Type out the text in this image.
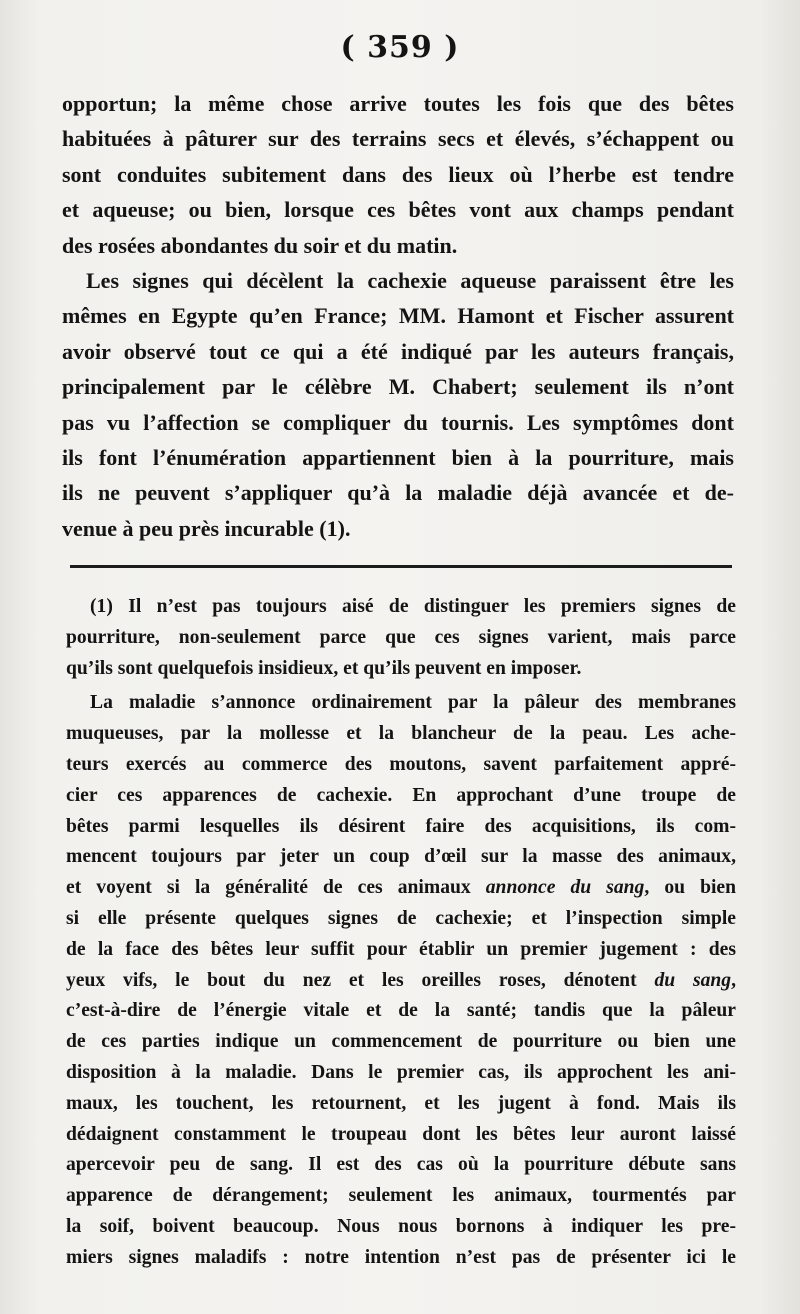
( 359 )
opportun; la même chose arrive toutes les fois que des bêtes
habituées à pâturer sur des terrains secs et élevés, s’échappent ou
sont conduites subitement dans des lieux où l’herbe est tendre
et aqueuse; ou bien, lorsque ces bêtes vont aux champs pendant
des rosées abondantes du soir et du matin.
Les signes qui décèlent la cachexie aqueuse paraissent être les
mêmes en Egypte qu’en France; MM. Hamont et Fischer assurent
avoir observé tout ce qui a été indiqué par les auteurs français,
principalement par le célèbre M. Chabert; seulement ils n’ont
pas vu l’affection se compliquer du tournis. Les symptômes dont
ils font l’énumération appartiennent bien à la pourriture, mais
ils ne peuvent s’appliquer qu’à la maladie déjà avancée et de-
venue à peu près incurable (1).
(1) Il n’est pas toujours aisé de distinguer les premiers signes de
pourriture, non-seulement parce que ces signes varient, mais parce
qu’ils sont quelquefois insidieux, et qu’ils peuvent en imposer.
La maladie s’annonce ordinairement par la pâleur des membranes
muqueuses, par la mollesse et la blancheur de la peau. Les ache-
teurs exercés au commerce des moutons, savent parfaitement appré-
cier ces apparences de cachexie. En approchant d’une troupe de
bêtes parmi lesquelles ils désirent faire des acquisitions, ils com-
mencent toujours par jeter un coup d’œil sur la masse des animaux,
et voyent si la généralité de ces animaux annonce du sang, ou bien
si elle présente quelques signes de cachexie; et l’inspection simple
de la face des bêtes leur suffit pour établir un premier jugement : des
yeux vifs, le bout du nez et les oreilles roses, dénotent du sang,
c’est-à-dire de l’énergie vitale et de la santé; tandis que la pâleur
de ces parties indique un commencement de pourriture ou bien une
disposition à la maladie. Dans le premier cas, ils approchent les ani-
maux, les touchent, les retournent, et les jugent à fond. Mais ils
dédaignent constamment le troupeau dont les bêtes leur auront laissé
apercevoir peu de sang. Il est des cas où la pourriture débute sans
apparence de dérangement; seulement les animaux, tourmentés par
la soif, boivent beaucoup. Nous nous bornons à indiquer les pre-
miers signes maladifs : notre intention n’est pas de présenter ici le
